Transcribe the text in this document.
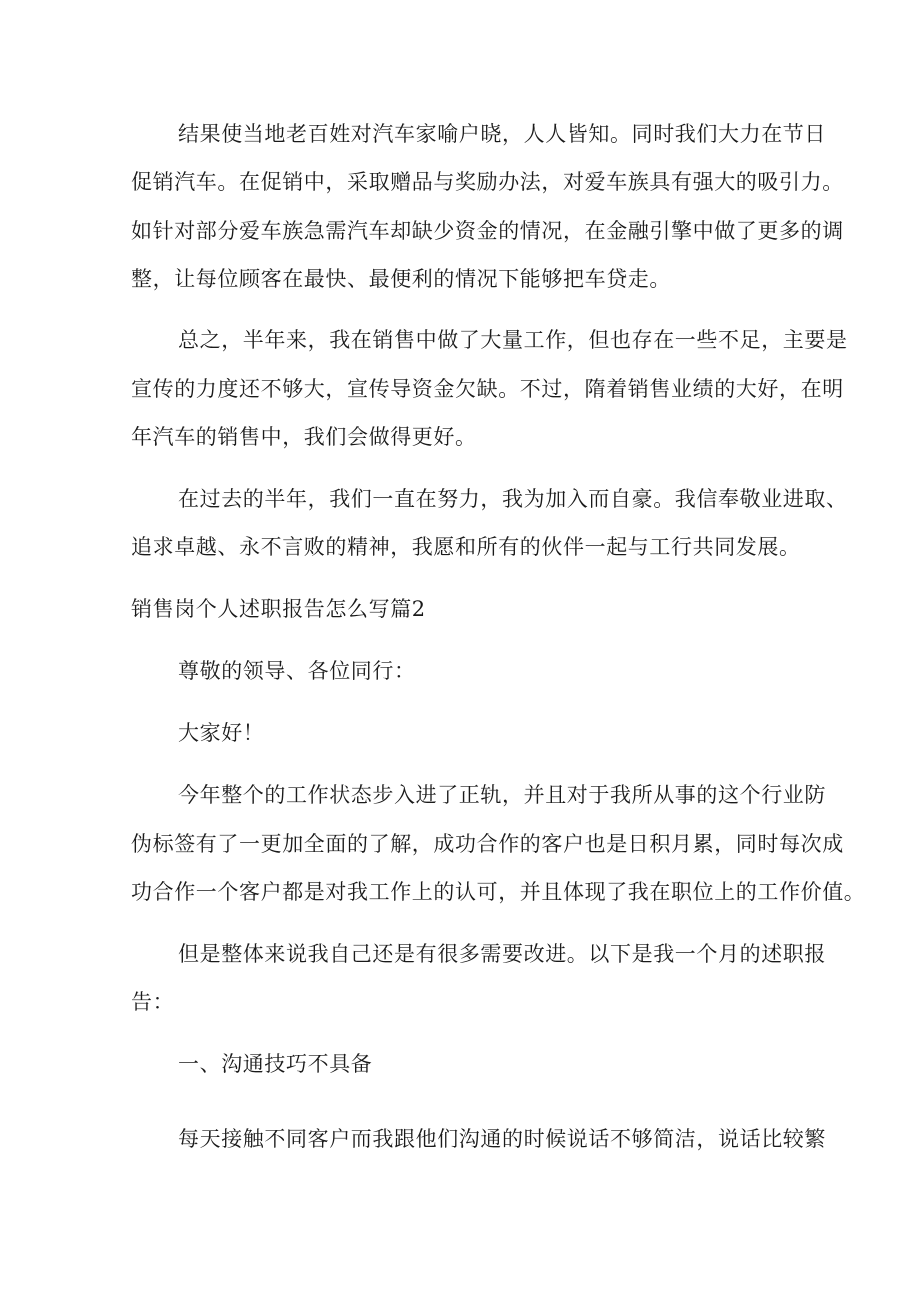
结果使当地老百姓对汽车家喻户晓，人人皆知。同时我们大力在节日
促销汽车。在促销中，采取赠品与奖励办法，对爱车族具有强大的吸引力。
如针对部分爱车族急需汽车却缺少资金的情况，在金融引擎中做了更多的调
整，让每位顾客在最快、最便利的情况下能够把车贷走。
总之，半年来，我在销售中做了大量工作，但也存在一些不足，主要是
宣传的力度还不够大，宣传导资金欠缺。不过，隋着销售业绩的大好，在明
年汽车的销售中，我们会做得更好。
在过去的半年，我们一直在努力，我为加入而自豪。我信奉敬业进取、
追求卓越、永不言败的精神，我愿和所有的伙伴一起与工行共同发展。
销售岗个人述职报告怎么写篇2
尊敬的领导、各位同行：
大家好！
今年整个的工作状态步入进了正轨，并且对于我所从事的这个行业防
伪标签有了一更加全面的了解，成功合作的客户也是日积月累，同时每次成
功合作一个客户都是对我工作上的认可，并且体现了我在职位上的工作价值。
但是整体来说我自己还是有很多需要改进。以下是我一个月的述职报
告：
一、沟通技巧不具备
每天接触不同客户而我跟他们沟通的时候说话不够简洁，说话比较繁
